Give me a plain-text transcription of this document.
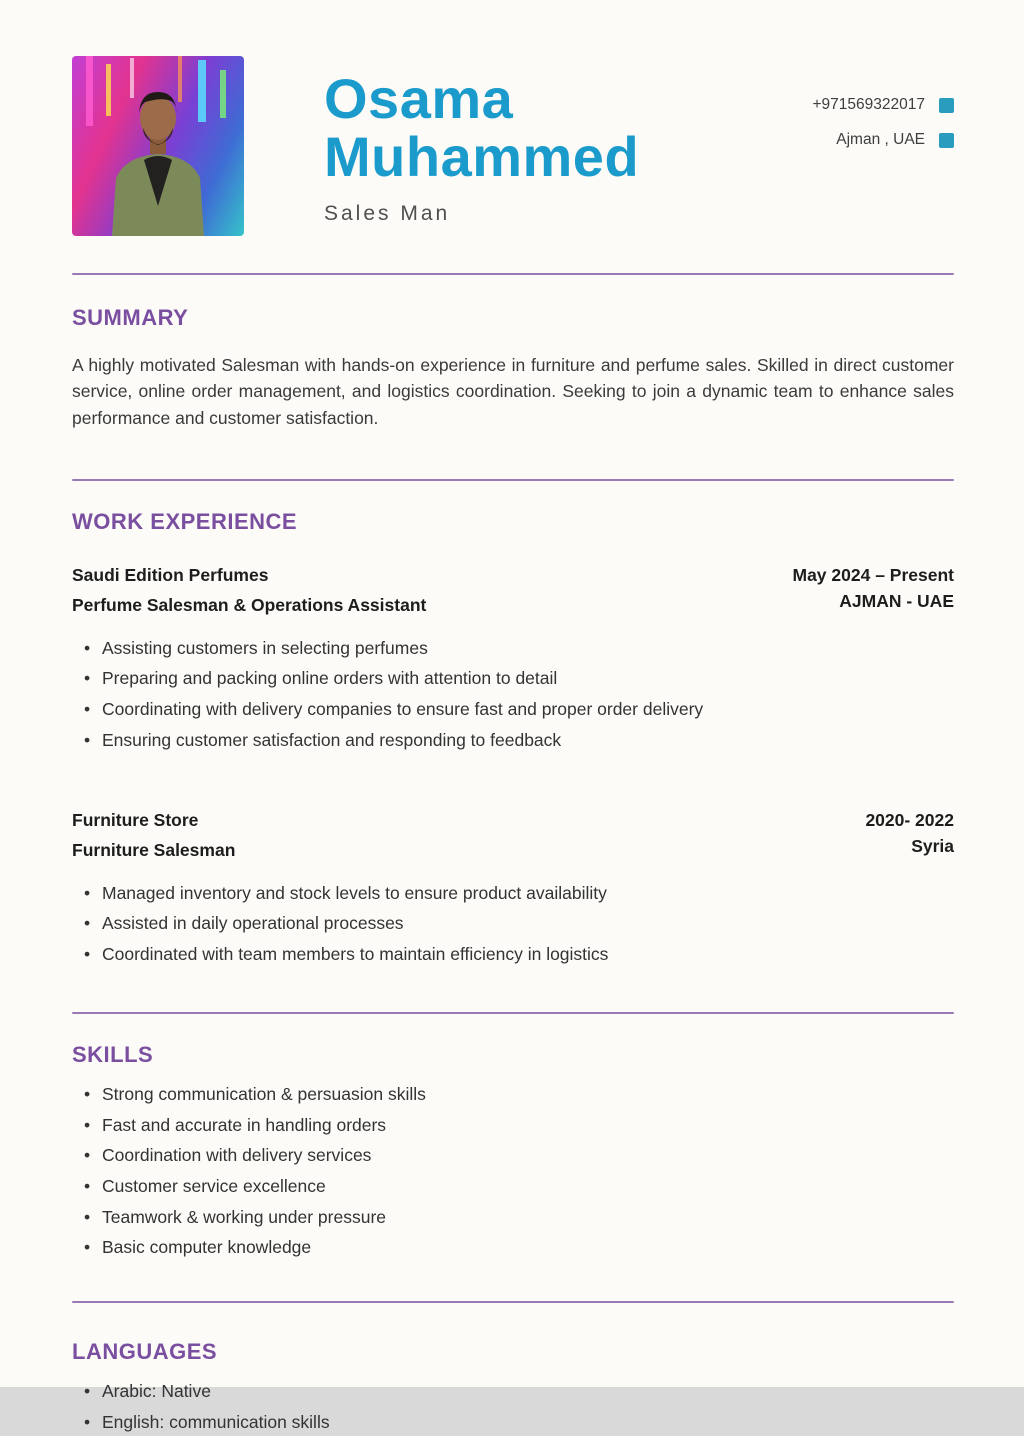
Osama
Muhammed
Sales Man
+971569322017
Ajman , UAE
SUMMARY

A highly motivated Salesman with hands-on experience in furniture and perfume sales. Skilled in direct customer service, online order management, and logistics coordination. Seeking to join a dynamic team to enhance sales performance and customer satisfaction.

WORK EXPERIENCE
Saudi Edition Perfumes
Perfume Salesman & Operations Assistant
May 2024 – Present
AJMAN - UAE
• Assisting customers in selecting perfumes
• Preparing and packing online orders with attention to detail
• Coordinating with delivery companies to ensure fast and proper order delivery
• Ensuring customer satisfaction and responding to feedback
Furniture Store
Furniture Salesman
2020- 2022
Syria
• Managed inventory and stock levels to ensure product availability
• Assisted in daily operational processes
• Coordinated with team members to maintain efficiency in logistics
SKILLS
• Strong communication & persuasion skills
• Fast and accurate in handling orders
• Coordination with delivery services
• Customer service excellence
• Teamwork & working under pressure
• Basic computer knowledge
LANGUAGES
• Arabic: Native
• English: communication skills
